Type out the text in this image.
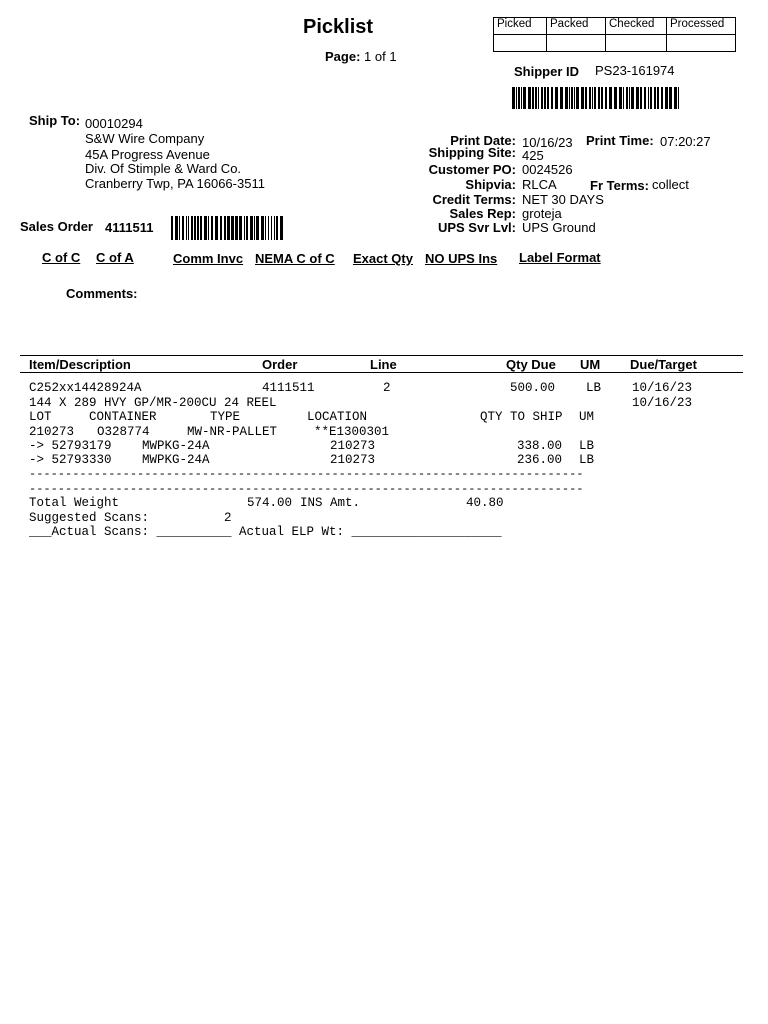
Picklist
Page: 1 of 1
Picked	Packed	Checked	Processed

Shipper ID PS23-161974
Ship To: 00010294
S&W Wire Company
45A Progress Avenue
Div. Of Stimple & Ward Co.
Cranberry Twp, PA 16066-3511
Print Date: 10/16/23 Print Time: 07:20:27
Shipping Site: 425
Customer PO: 0024526
Shipvia: RLCA	Fr Terms: collect
Credit Terms: NET 30 DAYS
Sales Rep: groteja
UPS Svr Lvl: UPS Ground
Sales Order 4111511
C of C C of A	Comm Invc NEMA C of C Exact Qty NO UPS Ins Label Format
Comments:
Item/Description	Order	Line	Qty Due UM Due/Target
C252xx14428924A	4111511	2	500.00 LB 10/16/23
144 X 289 HVY GP/MR-200CU 24 REEL	10/16/23
LOT	CONTAINER	TYPE	LOCATION	QTY TO SHIP UM
210273 O328774	MW-NR-PALLET	**E1300301
-> 52793179 MWPKG-24A	210273	338.00 LB
-> 52793330 MWPKG-24A	210273	236.00 LB
-----------------------------------------------------------------------------
-----------------------------------------------------------------------------
Total Weight	574.00 INS Amt.	40.80
Suggested Scans:	2
___Actual Scans: __________ Actual ELP Wt: ____________________
